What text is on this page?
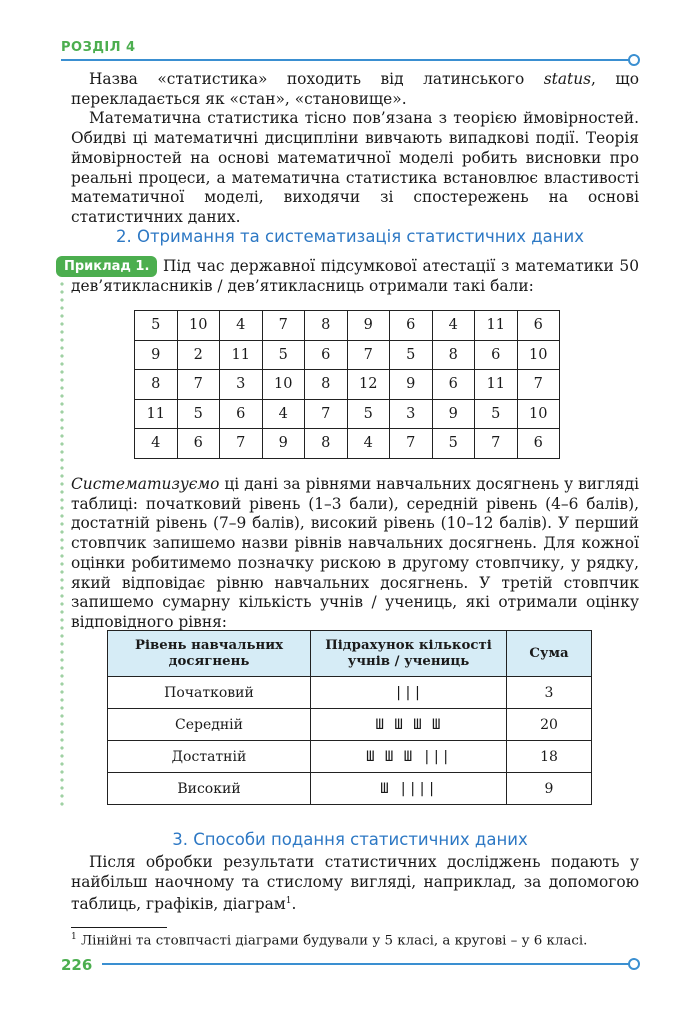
РОЗДІЛ 4

Назва «статистика» походить від латинського status, що перекладається як «стан», «становище».

Математична статистика тісно пов’язана з теорією ймовірностей. Обидві ці математичні дисципліни вивчають випадкові події. Теорія ймовірностей на основі математичної моделі робить висновки про реальні процеси, а математична статистика встановлює властивості математичної моделі, виходячи зі спостережень на основі статистичних даних.

2. Отримання та систематизація статистичних даних
Приклад 1. Під час державної підсумкової атестації з математики 50 дев’ятикласників / дев’ятикласниць отримали такі бали:

5	10	4	7	8	9	6	4	11	6
9	2	11	5	6	7	5	8	6	10
8	7	3	10	8	12	9	6	11	7
11	5	6	4	7	5	3	9	5	10
4	6	7	9	8	4	7	5	7	6

Систематизуємо ці дані за рівнями навчальних досягнень у вигляді таблиці: початковий рівень (1–3 бали), середній рівень (4–6 балів), достатній рівень (7–9 балів), високий рівень (10–12 балів). У перший стовпчик запишемо назви рівнів навчальних досягнень. Для кожної оцінки робитимемо позначку рискою в другому стовпчику, у рядку, який відповідає рівню навчальних досягнень. У третій стовпчик запишемо сумарну кількість учнів / учениць, які отримали оцінку відповідного рівня:

Рівень навчальних досягнень	Підрахунок кількості учнів / учениць	Сума
Початковий	|||	3
Середній	Ш Ш Ш Ш	20
Достатній	Ш Ш Ш |||	18
Високий	Ш ||||	9
3. Способи подання статистичних даних

Після обробки результати статистичних досліджень подають у найбільш наочному та стислому вигляді, наприклад, за допомогою таблиць, графіків, діаграм$^1$.

$^1$ Лінійні та стовпчасті діаграми будували у 5 класі, а кругові – у 6 класі.
226
